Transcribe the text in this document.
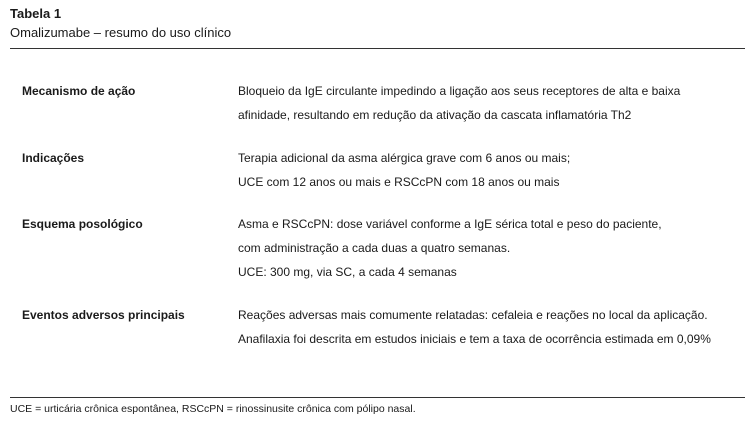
Tabela 1
Omalizumabe – resumo do uso clínico
Mecanismo de ação	Bloqueio da IgE circulante impedindo a ligação aos seus receptores de alta e baixa
afinidade, resultando em redução da ativação da cascata inflamatória Th2
Indicações	Terapia adicional da asma alérgica grave com 6 anos ou mais;
UCE com 12 anos ou mais e RSCcPN com 18 anos ou mais
Esquema posológico	Asma e RSCcPN: dose variável conforme a IgE sérica total e peso do paciente,
com administração a cada duas a quatro semanas.
UCE: 300 mg, via SC, a cada 4 semanas
Eventos adversos principais	Reações adversas mais comumente relatadas: cefaleia e reações no local da aplicação.
Anafilaxia foi descrita em estudos iniciais e tem a taxa de ocorrência estimada em 0,09%
UCE = urticária crônica espontânea, RSCcPN = rinossinusite crônica com pólipo nasal.
